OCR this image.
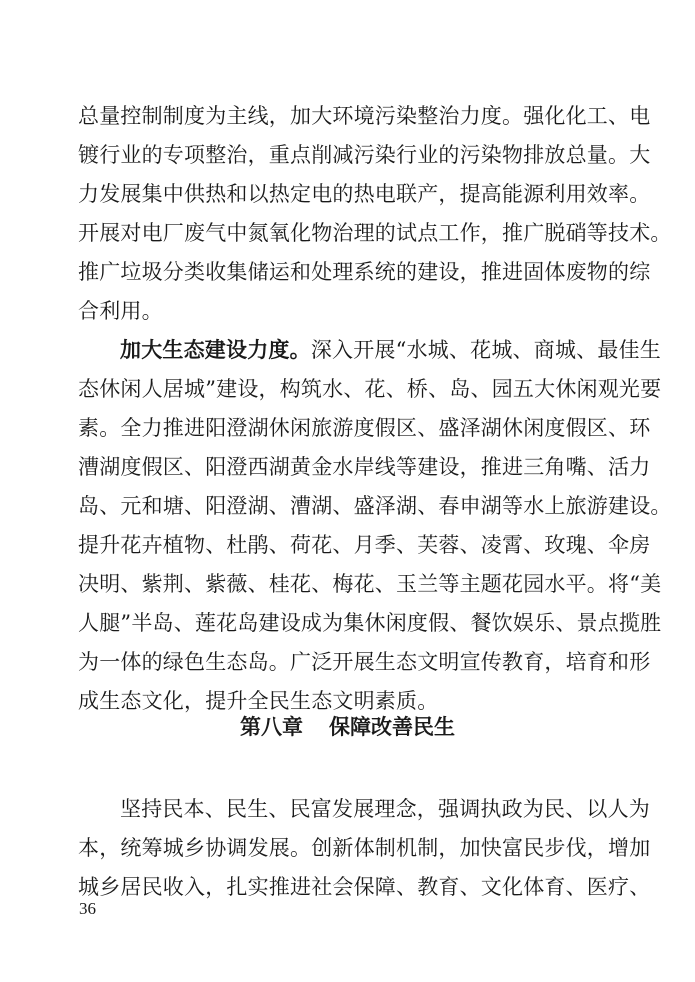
总量控制制度为主线，加大环境污染整治力度。强化化工、电
镀行业的专项整治，重点削减污染行业的污染物排放总量。大
力发展集中供热和以热定电的热电联产，提高能源利用效率。
开展对电厂废气中氮氧化物治理的试点工作，推广脱硝等技术。
推广垃圾分类收集储运和处理系统的建设，推进固体废物的综
合利用。
加大生态建设力度。 深入开展“水城、花城、商城、最佳生
态休闲人居城”建设，构筑水、花、桥、岛、园五大休闲观光要
素。全力推进阳澄湖休闲旅游度假区、盛泽湖休闲度假区、环
漕湖度假区、阳澄西湖黄金水岸线等建设，推进三角嘴、活力
岛、元和塘、阳澄湖、漕湖、盛泽湖、春申湖等水上旅游建设。
提升花卉植物、杜鹃、荷花、月季、芙蓉、凌霄、玫瑰、伞房
决明、紫荆、紫薇、桂花、梅花、玉兰等主题花园水平。将“美
人腿”半岛、莲花岛建设成为集休闲度假、餐饮娱乐、景点揽胜
为一体的绿色生态岛。广泛开展生态文明宣传教育，培育和形
成生态文化，提升全民生态文明素质。
第八章 保障改善民生
坚持民本、民生、民富发展理念，强调执政为民、以人为
本，统筹城乡协调发展。创新体制机制，加快富民步伐，增加
城乡居民收入，扎实推进社会保障、教育、文化体育、医疗、
36
